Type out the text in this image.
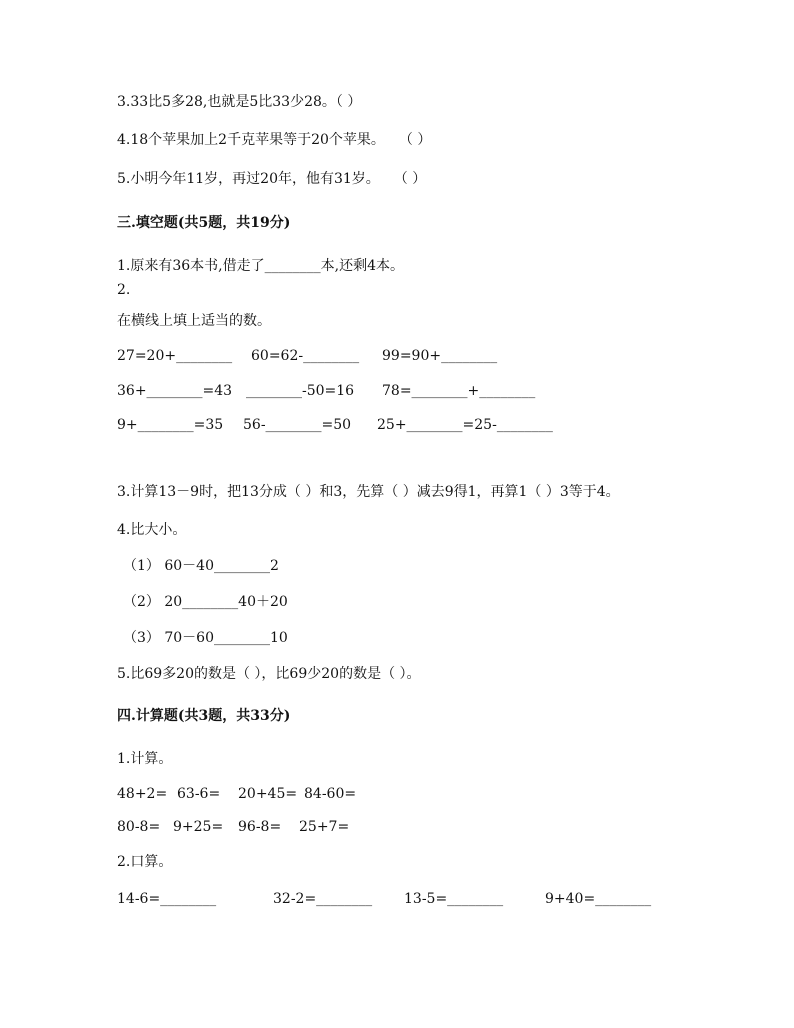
3.33比5多28,也就是5比33少28。（ ）
4.18个苹果加上2千克苹果等于20个苹果。　　（ ）
5.小明今年11岁，再过20年，他有31岁。　　（ ）
三.填空题(共5题，共19分)
1.原来有36本书,借走了________本,还剩4本。
2.
在横线上填上适当的数。
27=20+________ 60=62-________ 99=90+________
36+________=43 ________-50=16 78=________+________
9+________=35 56-________=50 25+________=25-________
3.计算13－9时，把13分成（ ）和3，先算（ ）减去9得1，再算1（ ）3等于4。
4.比大小。
（1） 60－40________2
（2） 20________40＋20
（3） 70－60________10
5.比69多20的数是（ ），比69少20的数是（ ）。
四.计算题(共3题，共33分)
1.计算。
48+2= 63-6= 20+45= 84-60=
80-8= 9+25= 96-8= 25+7=
2.口算。
14-6=________	32-2=________ 13-5=________	9+40=________
